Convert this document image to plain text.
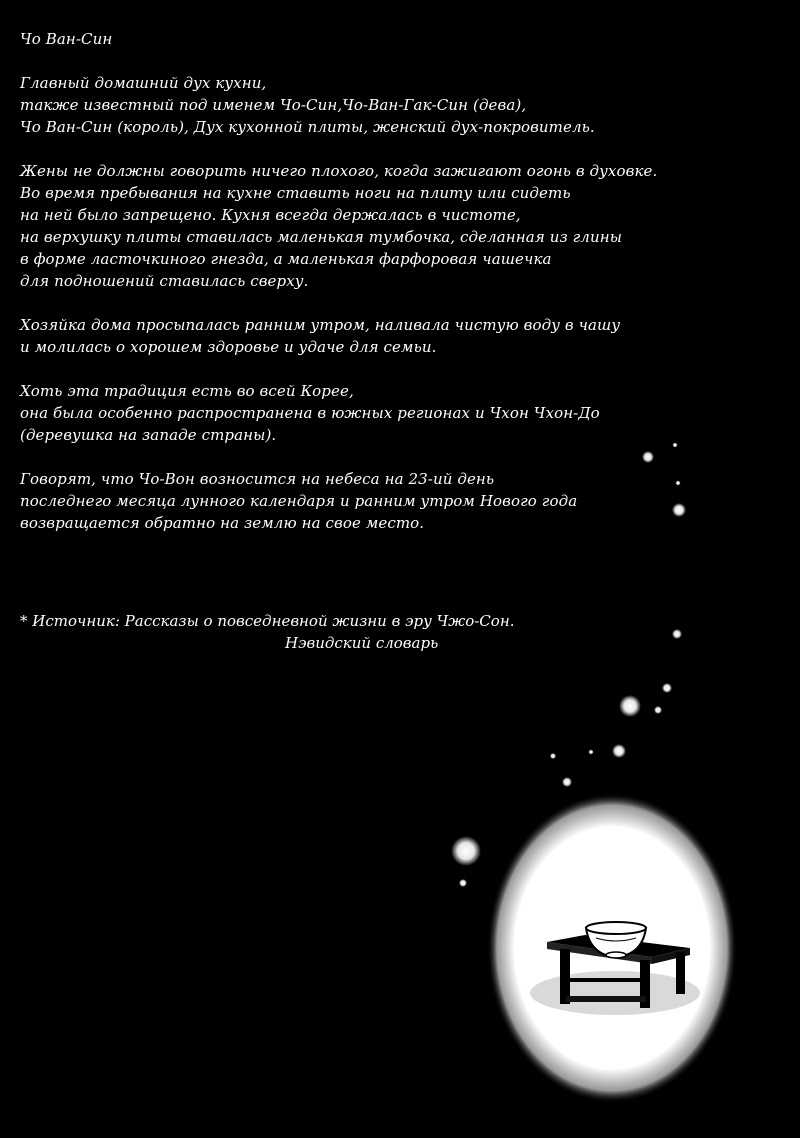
Чо Ван-Син

Главный домашний дух кухни,
также известный под именем Чо-Син,Чо-Ван-Гак-Син (дева),
Чо Ван-Син (король), Дух кухонной плиты, женский дух-покровитель.

Жены не должны говорить ничего плохого, когда зажигают огонь в духовке.
Во время пребывания на кухне ставить ноги на плиту или сидеть
на ней было запрещено. Кухня всегда держалась в чистоте,
на верхушку плиты ставилась маленькая тумбочка, сделанная из глины
в форме ласточкиного гнезда, а маленькая фарфоровая чашечка
для подношений ставилась сверху.

Хозяйка дома просыпалась ранним утром, наливала чистую воду в чашу
и молилась о хорошем здоровье и удаче для семьи.

Хоть эта традиция есть во всей Корее,
она была особенно распространена в южных регионах и Чхон Чхон-До
(деревушка на западе страны).

Говорят, что Чо-Вон возносится на небеса на 23-ий день
последнего месяца лунного календаря и ранним утром Нового года
возвращается обратно на землю на свое место.

* Источник: Рассказы о повседневной жизни в эру Чжо-Сон.
Нэвидский словарь
